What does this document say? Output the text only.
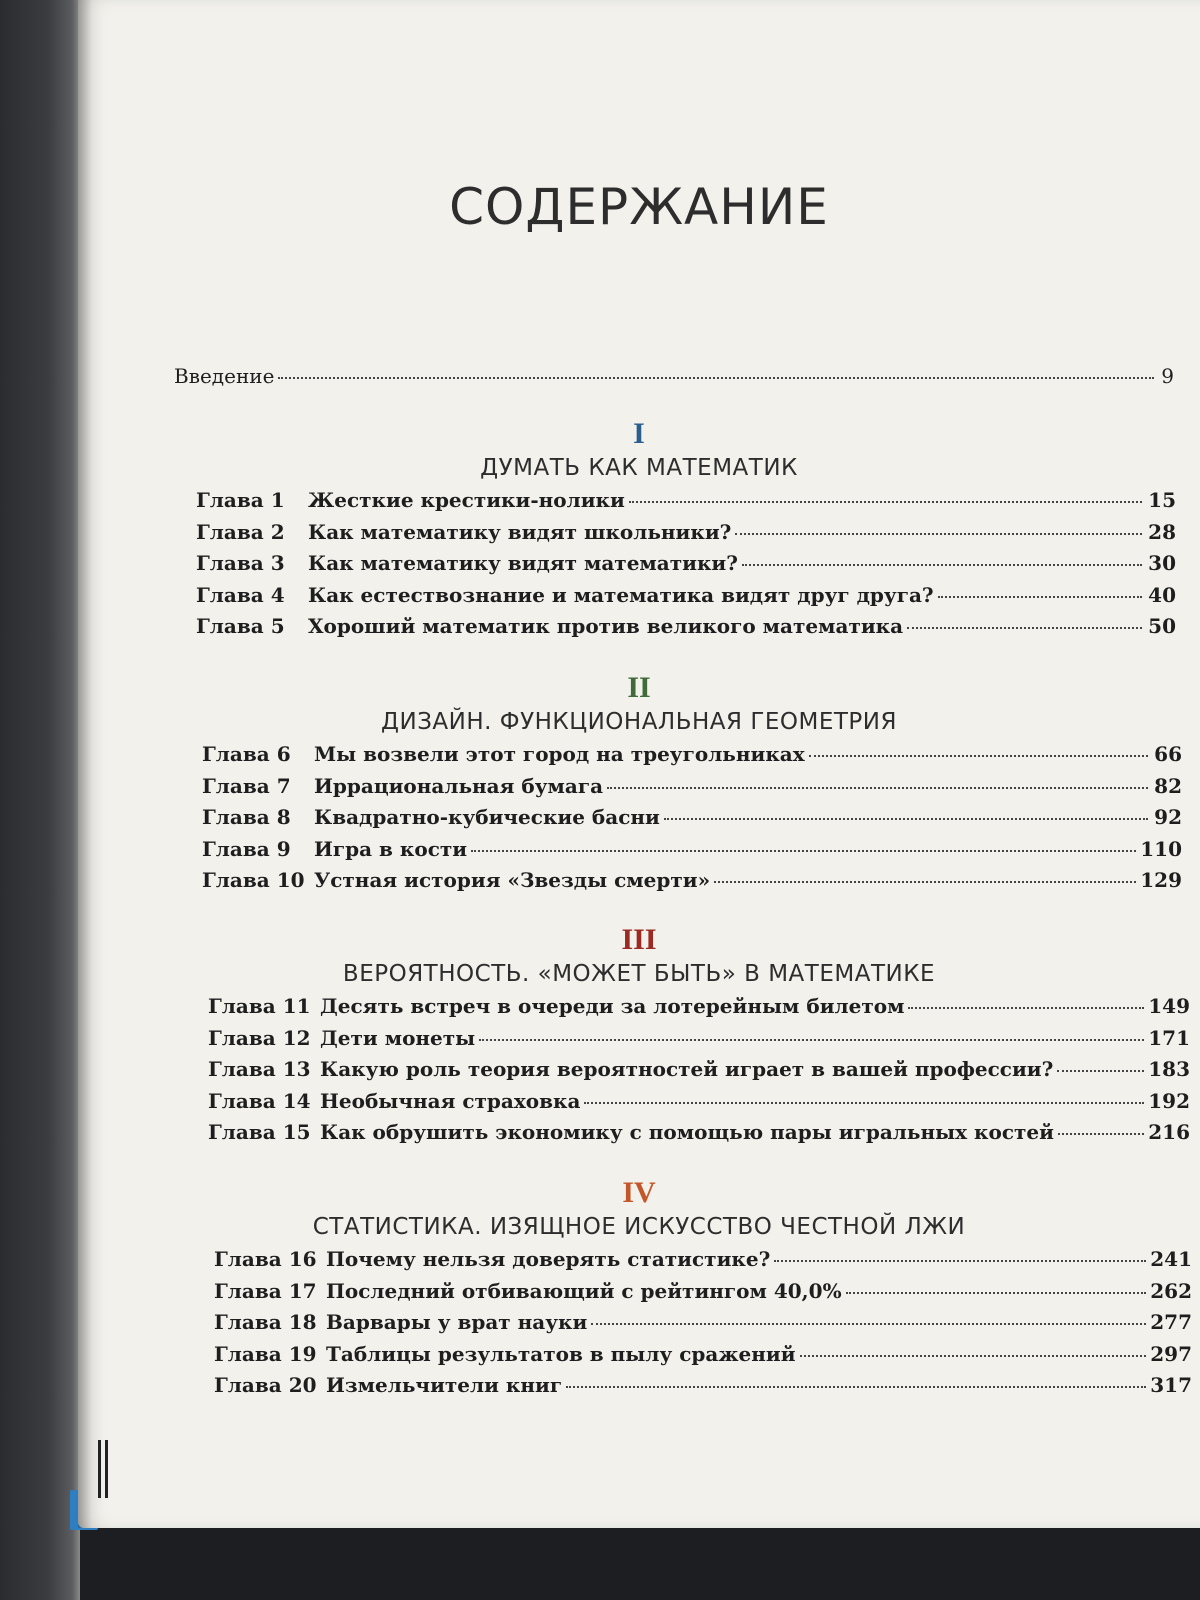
СОДЕРЖАНИЕ
Введение	9
I
ДУМАТЬ КАК МАТЕМАТИК
Глава 1	Жесткие крестики-нолики	15
Глава 2	Как математику видят школьники?	28
Глава 3	Как математику видят математики?	30
Глава 4	Как естествознание и математика видят друг друга?	40
Глава 5	Хороший математик против великого математика	50
II
ДИЗАЙН. ФУНКЦИОНАЛЬНАЯ ГЕОМЕТРИЯ
Глава 6	Мы возвели этот город на треугольниках	66
Глава 7	Иррациональная бумага	82
Глава 8	Квадратно-кубические басни	92
Глава 9	Игра в кости	110
Глава 10 Устная история «Звезды смерти»	129
III
ВЕРОЯТНОСТЬ. «МОЖЕТ БЫТЬ» В МАТЕМАТИКЕ
Глава 11 Десять встреч в очереди за лотерейным билетом	149
Глава 12 Дети монеты	171
Глава 13 Какую роль теория вероятностей играет в вашей профессии?	183
Глава 14 Необычная страховка	192
Глава 15 Как обрушить экономику с помощью пары игральных костей	216
IV
СТАТИСТИКА. ИЗЯЩНОЕ ИСКУССТВО ЧЕСТНОЙ ЛЖИ
Глава 16 Почему нельзя доверять статистике?	241
Глава 17 Последний отбивающий с рейтингом 40,0%	262
Глава 18 Варвары у врат науки	277
Глава 19 Таблицы результатов в пылу сражений	297
Глава 20 Измельчители книг	317
